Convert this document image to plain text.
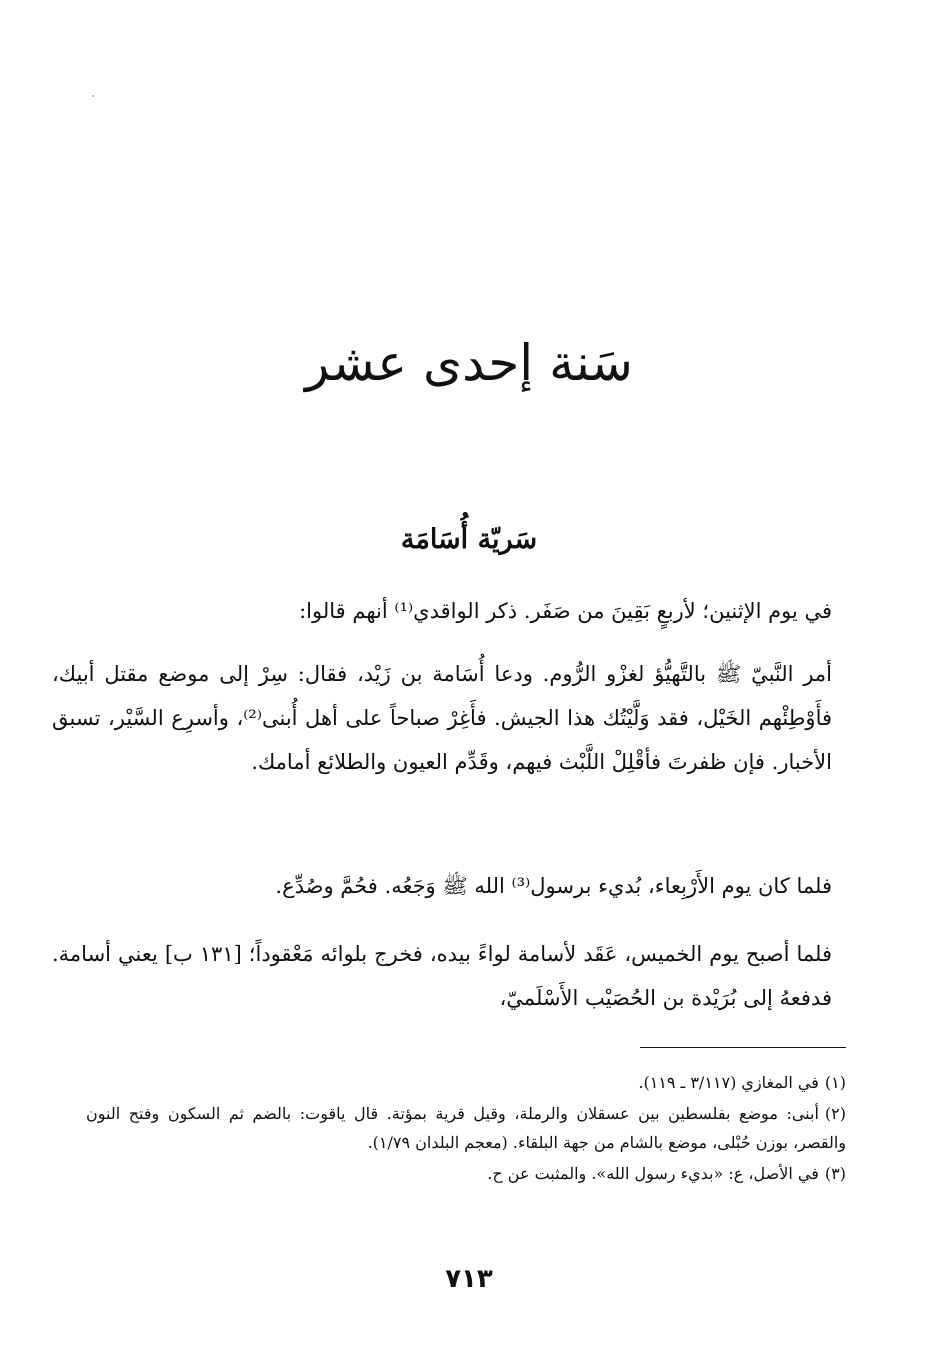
سَنة إحدى عشر
سَريّة أُسَامَة
في يوم الإثنين؛ لأربعٍ بَقِينَ من صَفَر. ذكر الواقدي⁽¹⁾ أنهم قالوا:
أمر النَّبيّ ﷺ بالتَّهيُّؤ لغزْو الرُّوم. ودعا أُسَامة بن زَيْد، فقال: سِرْ إلى موضع مقتل أبيك، فأَوْطِئْهم الخَيْل، فقد وَلَّيْتُك هذا الجيش. فأَغِرْ صباحاً على أهل أُبنى⁽²⁾، وأسرِع السَّيْر، تسبق الأخبار. فإن ظفرتَ فأقْلِلْ اللَّبْث فيهم، وقَدِّم العيون والطلائع أمامك.
فلما كان يوم الأَرْبِعاء، بُديء برسول⁽³⁾ الله ﷺ وَجَعُه. فحُمَّ وصُدِّع.
فلما أصبح يوم الخميس، عَقَد لأسامة لواءً بيده، فخرج بلوائه مَعْقوداً؛ [١٣١ ب] يعني أسامة. فدفعهُ إلى بُرَيْدة بن الحُصَيْب الأَسْلَميّ،
(١)في المغازي (٣/١١٧ ـ ١١٩).
(٢)أبنى: موضع بفلسطين بين عسقلان والرملة، وقيل قرية بمؤتة. قال ياقوت: بالضم ثم السكون وفتح النون والقصر، بوزن حُبْلى، موضع بالشام من جهة البلقاء. (معجم البلدان ١/٧٩).
(٣)في الأصل، ع: «بديء رسول الله». والمثبت عن ح.
٧١٣
